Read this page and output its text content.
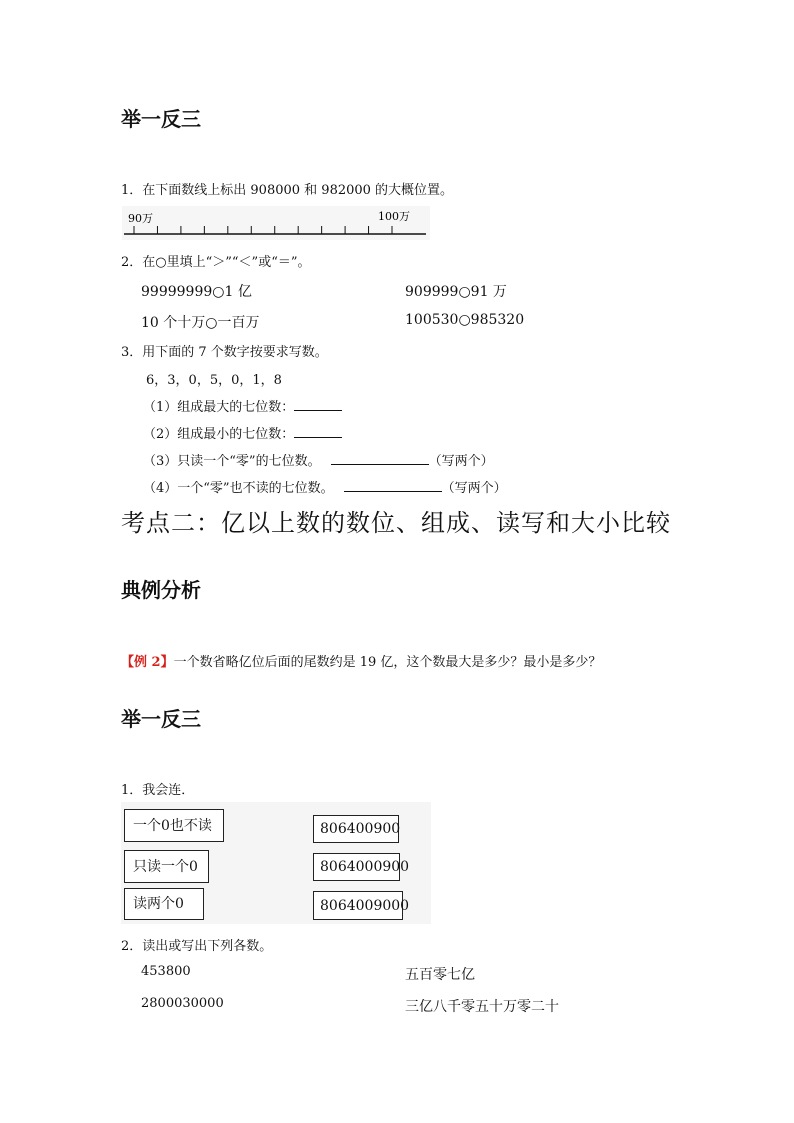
举一反三
1．在下面数线上标出 908000 和 982000 的大概位置。
90万	100万
2．在○里填上“＞”“＜”或“＝”。
99999999○1 亿	909999○91 万
10 个十万○一百万	100530○985320
3．用下面的 7 个数字按要求写数。
6，3，0，5，0，1，8
（1）组成最大的七位数：
（2）组成最小的七位数：
（3）只读一个“零”的七位数。	（写两个）
（4）一个“零”也不读的七位数。	（写两个）
考点二：亿以上数的数位、组成、读写和大小比较
典例分析
【例 2】一个数省略亿位后面的尾数约是 19 亿，这个数最大是多少？最小是多少？
举一反三
1．我会连．
一个0也不读
只读一个0
读两个0
806400900
8064000900
8064009000
2．读出或写出下列各数。
453800	五百零七亿
2800030000	三亿八千零五十万零二十
